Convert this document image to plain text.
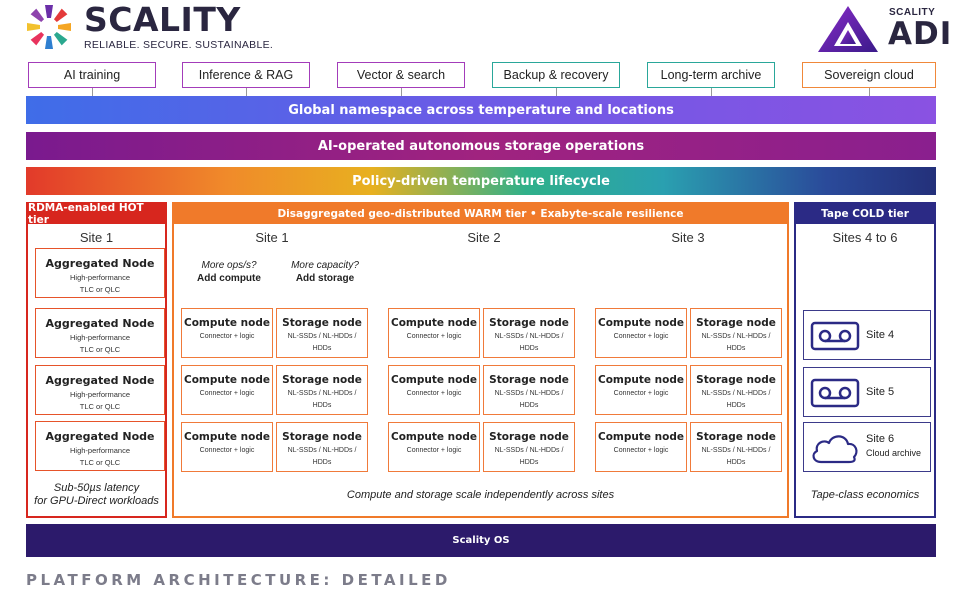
SCALITY
RELIABLE. SECURE. SUSTAINABLE.
SCALITY
ADI
AI training	Inference & RAG	Vector & search	Backup & recovery	Long-term archive	Sovereign cloud
Global namespace across temperature and locations
AI-operated autonomous storage operations
Policy-driven temperature lifecycle
RDMA-enabled HOT tier
Site 1
Aggregated Node
High-performance
TLC or QLC
Aggregated Node
High-performance
TLC or QLC
Aggregated Node
High-performance
TLC or QLC
Aggregated Node
High-performance
TLC or QLC
Sub-50µs latency
for GPU-Direct workloads
Disaggregated geo-distributed WARM tier • Exabyte-scale resilience
Site 1	Site 2	Site 3
More ops/s?
Add compute
More capacity?
Add storage
Compute node
Connector + logic
Storage node
NL-SSDs / NL-HDDs /
HDDs
Compute node
Connector + logic
Storage node
NL-SSDs / NL-HDDs /
HDDs
Compute node
Connector + logic
Storage node
NL-SSDs / NL-HDDs /
HDDs
Compute node
Connector + logic
Storage node
NL-SSDs / NL-HDDs /
HDDs
Compute node
Connector + logic
Storage node
NL-SSDs / NL-HDDs /
HDDs
Compute node
Connector + logic
Storage node
NL-SSDs / NL-HDDs /
HDDs
Compute node
Connector + logic
Storage node
NL-SSDs / NL-HDDs /
HDDs
Compute node
Connector + logic
Storage node
NL-SSDs / NL-HDDs /
HDDs
Compute node
Connector + logic
Storage node
NL-SSDs / NL-HDDs /
HDDs
Compute and storage scale independently across sites
Tape COLD tier
Sites 4 to 6
Site 4
Site 5
Site 6
Cloud archive
Tape-class economics
Scality OS
PLATFORM ARCHITECTURE: DETAILED
